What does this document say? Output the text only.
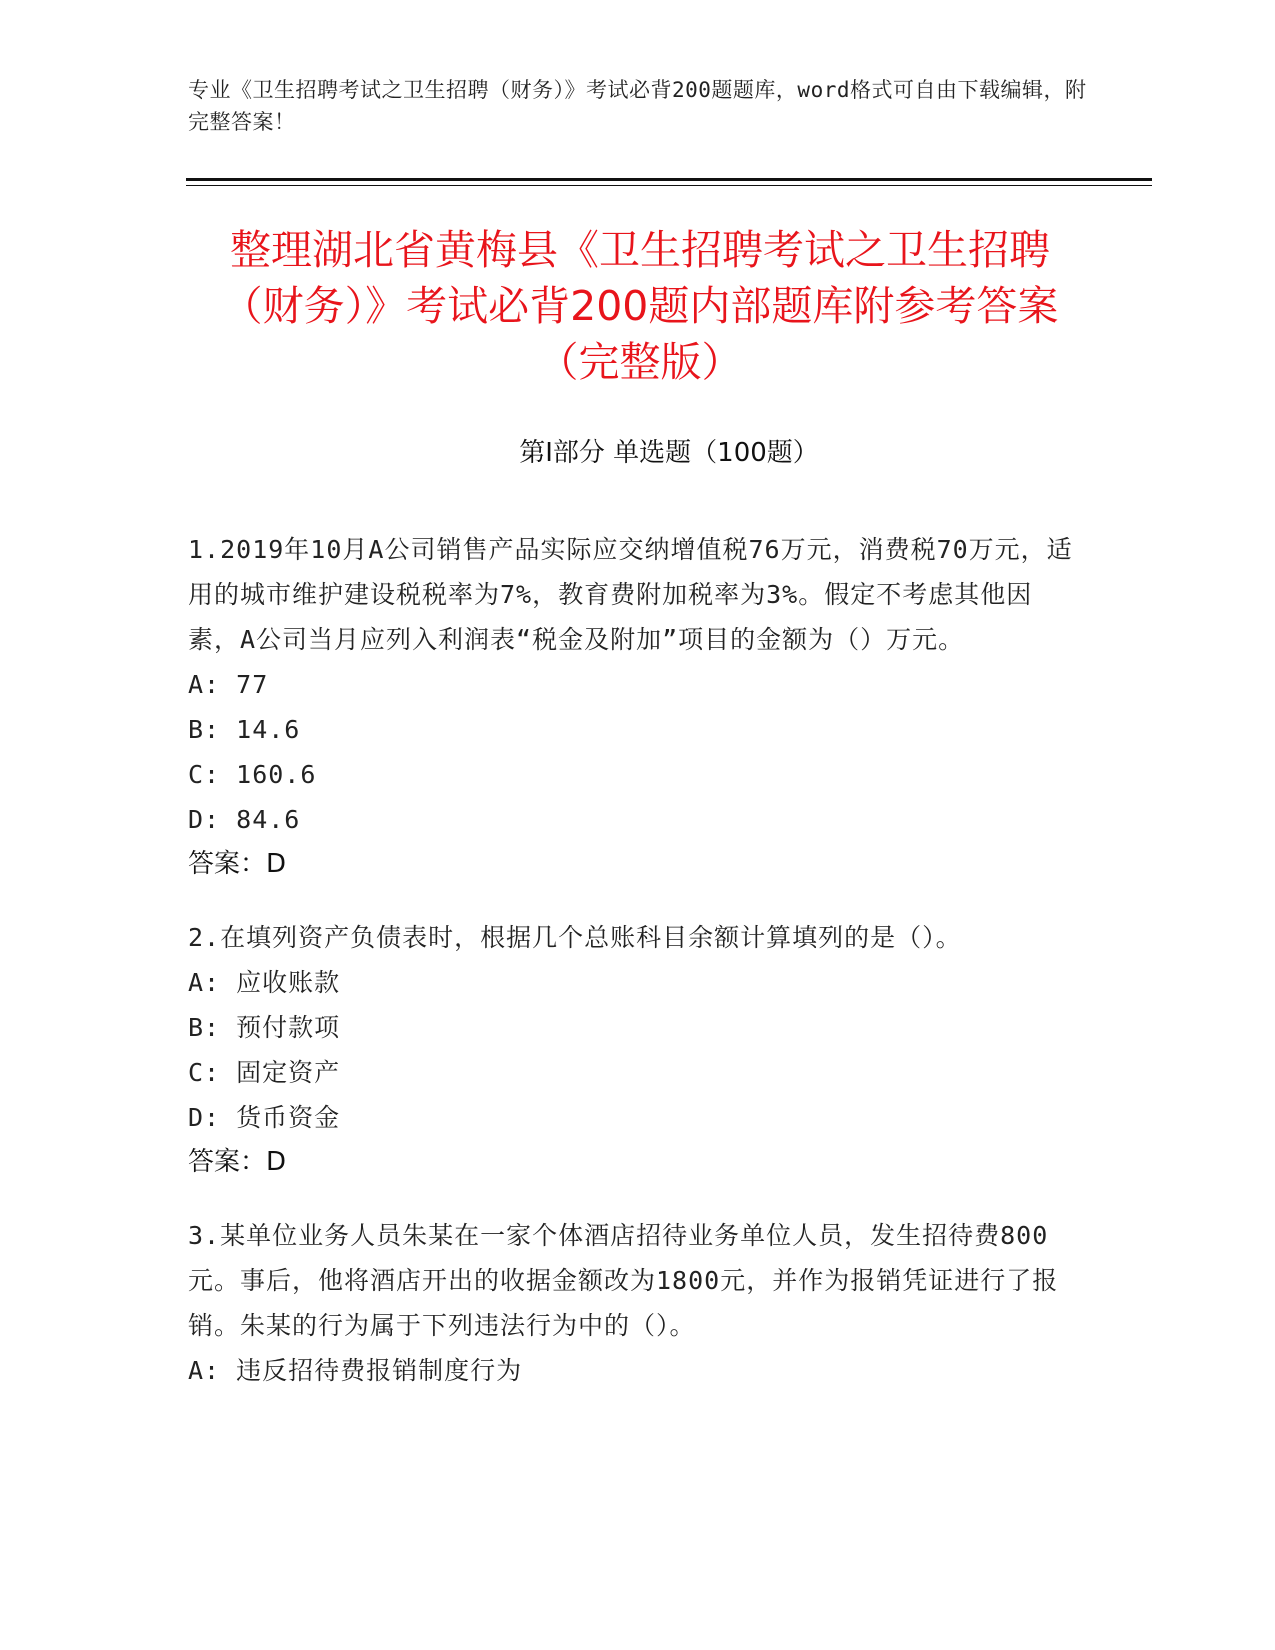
专业《卫生招聘考试之卫生招聘（财务）》考试必背200题题库，word格式可自由下载编辑，附完整答案！
整理湖北省黄梅县《卫生招聘考试之卫生招聘（财务）》考试必背200题内部题库附参考答案（完整版）
第Ⅰ部分 单选题（100题）
1.2019年10月A公司销售产品实际应交纳增值税76万元，消费税70万元，适用的城市维护建设税税率为7%，教育费附加税率为3%。假定不考虑其他因素，A公司当月应列入利润表“税金及附加”项目的金额为（）万元。
A: 77
B: 14.6
C: 160.6
D: 84.6
答案：D
2.在填列资产负债表时，根据几个总账科目余额计算填列的是（）。
A: 应收账款
B: 预付款项
C: 固定资产
D: 货币资金
答案：D
3.某单位业务人员朱某在一家个体酒店招待业务单位人员，发生招待费800元。事后，他将酒店开出的收据金额改为1800元，并作为报销凭证进行了报销。朱某的行为属于下列违法行为中的（）。
A: 违反招待费报销制度行为
